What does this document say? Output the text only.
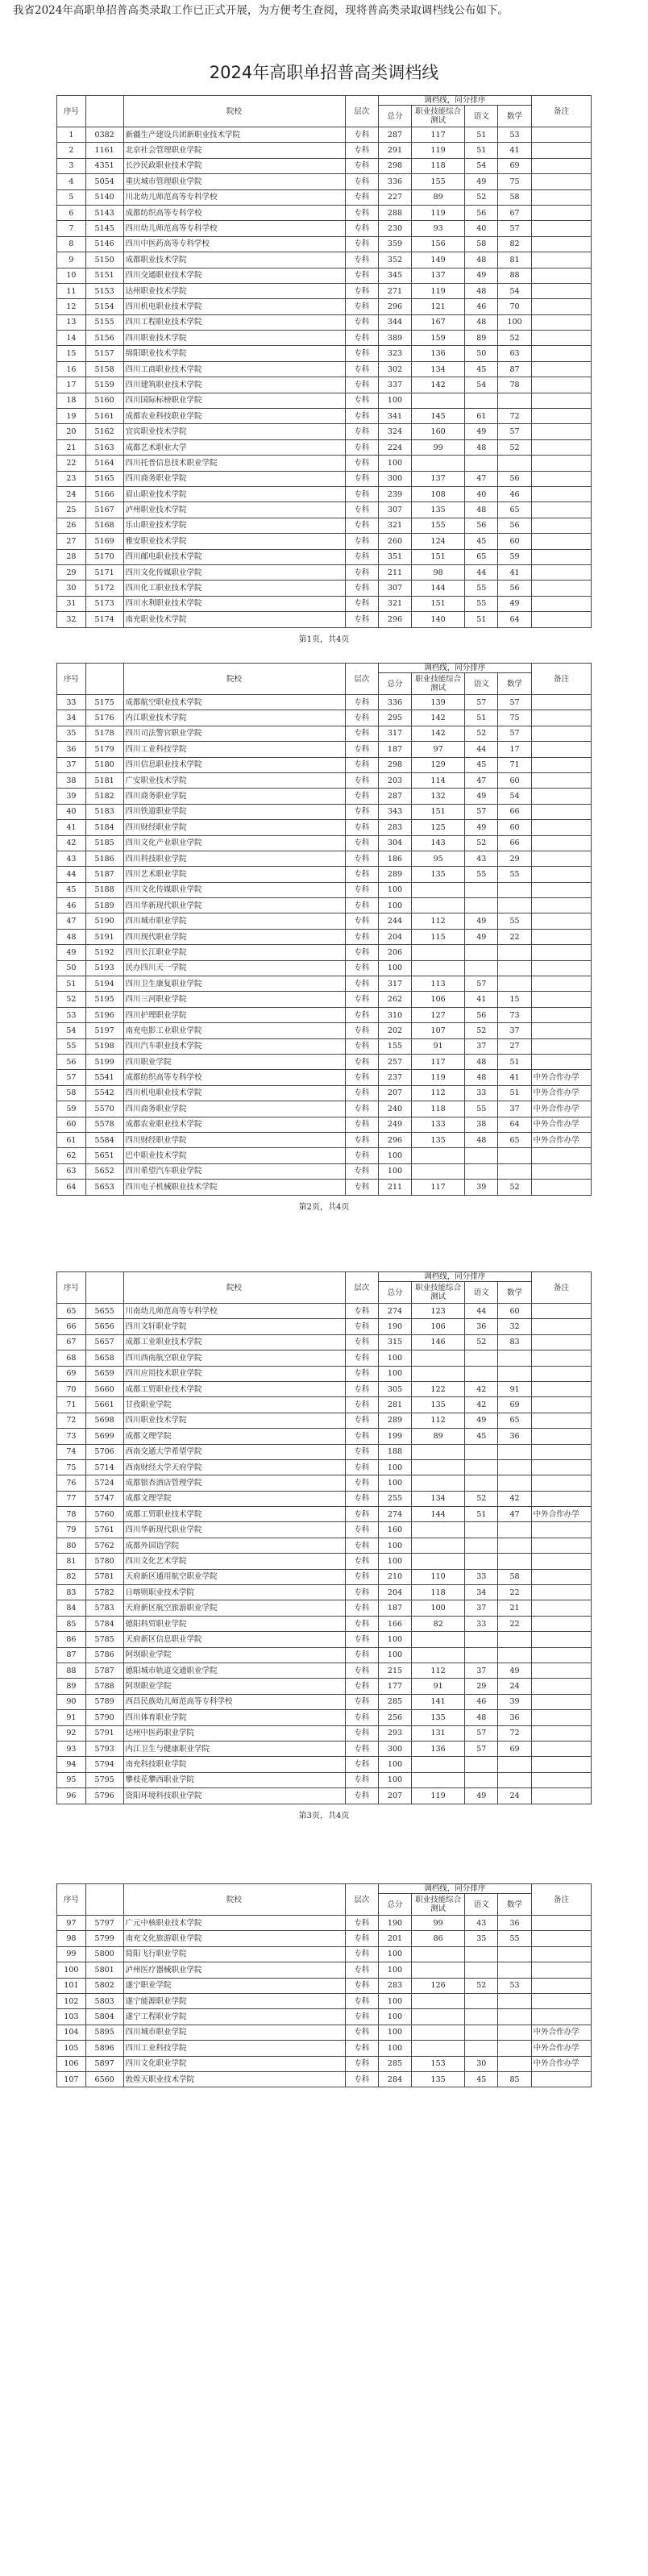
我省2024年高职单招普高类录取工作已正式开展，为方便考生查阅，现将普高类录取调档线公布如下。
2024年高职单招普高类调档线
序号		院校	层次	调档线，同分排序				备注
				总分	职业技能综合测试	语文	数学	
1	0382	新疆生产建设兵团新职业技术学院	专科	287	117	51	53	
2	1161	北京社会管理职业学院	专科	291	119	51	41	
3	4351	长沙民政职业技术学院	专科	298	118	54	69	
4	5054	重庆城市管理职业学院	专科	336	155	49	75	
5	5140	川北幼儿师范高等专科学校	专科	227	89	52	58	
6	5143	成都纺织高等专科学校	专科	288	119	56	67	
7	5145	四川幼儿师范高等专科学校	专科	230	93	40	57	
8	5146	四川中医药高等专科学校	专科	359	156	58	82	
9	5150	成都职业技术学院	专科	352	149	48	81	
10	5151	四川交通职业技术学院	专科	345	137	49	88	
11	5153	达州职业技术学院	专科	271	119	48	54	
12	5154	四川机电职业技术学院	专科	296	121	46	70	
13	5155	四川工程职业技术学院	专科	344	167	48	100	
14	5156	四川职业技术学院	专科	389	159	89	52	
15	5157	绵阳职业技术学院	专科	323	136	50	63	
16	5158	四川工商职业技术学院	专科	302	134	45	87	
17	5159	四川建筑职业技术学院	专科	337	142	54	78	
18	5160	四川国际标榜职业学院	专科	100				
19	5161	成都农业科技职业学院	专科	341	145	61	72	
20	5162	宜宾职业技术学院	专科	324	160	49	57	
21	5163	成都艺术职业大学	专科	224	99	48	52	
22	5164	四川托普信息技术职业学院	专科	100				
23	5165	四川商务职业学院	专科	300	137	47	56	
24	5166	眉山职业技术学院	专科	239	108	40	46	
25	5167	泸州职业技术学院	专科	307	135	48	65	
26	5168	乐山职业技术学院	专科	321	155	56	56	
27	5169	雅安职业技术学院	专科	260	124	45	60	
28	5170	四川邮电职业技术学院	专科	351	151	65	59	
29	5171	四川文化传媒职业学院	专科	211	98	44	41	
30	5172	四川化工职业技术学院	专科	307	144	55	56	
31	5173	四川水利职业技术学院	专科	321	151	55	49	
32	5174	南充职业技术学院	专科	296	140	51	64	
第1页，共4页
序号		院校	层次	调档线，同分排序				备注
				总分	职业技能综合测试	语文	数学	
33	5175	成都航空职业技术学院	专科	336	139	57	57	
34	5176	内江职业技术学院	专科	295	142	51	75	
35	5178	四川司法警官职业学院	专科	317	142	52	57	
36	5179	四川工业科技学院	专科	187	97	44	17	
37	5180	四川信息职业技术学院	专科	298	129	45	71	
38	5181	广安职业技术学院	专科	203	114	47	60	
39	5182	四川商务职业学院	专科	287	132	49	54	
40	5183	四川铁道职业学院	专科	343	151	57	66	
41	5184	四川财经职业学院	专科	283	125	49	60	
42	5185	四川文化产业职业学院	专科	304	143	52	66	
43	5186	四川科技职业学院	专科	186	95	43	29	
44	5187	四川艺术职业学院	专科	289	135	55	55	
45	5188	四川文化传媒职业学院	专科	100				
46	5189	四川华新现代职业学院	专科	100				
47	5190	四川城市职业学院	专科	244	112	49	55	
48	5191	四川现代职业学院	专科	204	115	49	22	
49	5192	四川长江职业学院	专科	206				
50	5193	民办四川天一学院	专科	100				
51	5194	四川卫生康复职业学院	专科	317	113	57		
52	5195	四川三河职业学院	专科	262	106	41	15	
53	5196	四川护理职业学院	专科	310	127	56	73	
54	5197	南充电影工业职业学院	专科	202	107	52	37	
55	5198	四川汽车职业技术学院	专科	155	91	37	27	
56	5199	四川职业学院	专科	257	117	48	51	
57	5541	成都纺织高等专科学校	专科	237	119	48	41	中外合作办学
58	5542	四川机电职业技术学院	专科	207	112	33	51	中外合作办学
59	5570	四川商务职业学院	专科	240	118	55	37	中外合作办学
60	5578	成都农业职业技术学院	专科	249	133	38	64	中外合作办学
61	5584	四川财经职业学院	专科	296	135	48	65	中外合作办学
62	5651	巴中职业技术学院	专科	100				
63	5652	四川希望汽车职业学院	专科	100				
64	5653	四川电子机械职业技术学院	专科	211	117	39	52	
第2页，共4页
序号		院校	层次	调档线，同分排序				备注
				总分	职业技能综合测试	语文	数学	
65	5655	川南幼儿师范高等专科学校	专科	274	123	44	60	
66	5656	四川文轩职业学院	专科	190	106	36	32	
67	5657	成都工业职业技术学院	专科	315	146	52	83	
68	5658	四川西南航空职业学院	专科	100				
69	5659	四川应用技术职业学院	专科	100				
70	5660	成都工贸职业技术学院	专科	305	122	42	91	
71	5661	甘孜职业学院	专科	281	135	42	69	
72	5698	四川职业技术学院	专科	289	112	49	65	
73	5699	成都文理学院	专科	199	89	45	36	
74	5706	西南交通大学希望学院	专科	188				
75	5714	西南财经大学天府学院	专科	100				
76	5724	成都银杏酒店管理学院	专科	100				
77	5747	成都文理学院	专科	255	134	52	42	
78	5760	成都工贸职业技术学院	专科	274	144	51	47	中外合作办学
79	5761	四川华新现代职业学院	专科	160				
80	5762	成都外国语学院	专科	100				
81	5780	四川文化艺术学院	专科	100				
82	5781	天府新区通用航空职业学院	专科	210	110	33	58	
83	5782	日喀则职业技术学院	专科	204	118	34	22	
84	5783	天府新区航空旅游职业学院	专科	187	100	37	21	
85	5784	德阳科贸职业学院	专科	166	82	33	22	
86	5785	天府新区信息职业学院	专科	100				
87	5786	阿坝职业学院	专科	100				
88	5787	德阳城市轨道交通职业学院	专科	215	112	37	49	
89	5788	阿坝职业学院	专科	177	91	29	24	
90	5789	西昌民族幼儿师范高等专科学校	专科	285	141	46	39	
91	5790	四川体育职业学院	专科	256	135	48	36	
92	5791	达州中医药职业学院	专科	293	131	57	72	
93	5793	内江卫生与健康职业学院	专科	300	136	57	69	
94	5794	南充科技职业学院	专科	100				
95	5795	攀枝花攀西职业学院	专科	100				
96	5796	资阳环境科技职业学院	专科	207	119	49	24	
第3页，共4页
序号		院校	层次	调档线，同分排序				备注
				总分	职业技能综合测试	语文	数学	
97	5797	广元中核职业技术学院	专科	190	99	43	36	
98	5799	南充文化旅游职业学院	专科	201	86	35	55	
99	5800	简阳飞行职业学院	专科	100				
100	5801	泸州医疗器械职业学院	专科	100				
101	5802	遂宁职业学院	专科	283	126	52	53	
102	5803	遂宁能源职业学院	专科	100				
103	5804	遂宁工程职业学院	专科	100				
104	5895	四川城市职业学院	专科	100				中外合作办学
105	5896	四川工业科技学院	专科	100				中外合作办学
106	5897	四川文化职业学院	专科	285	153	30		中外合作办学
107	6560	敦煌天职业技术学院	专科	284	135	45	85	
